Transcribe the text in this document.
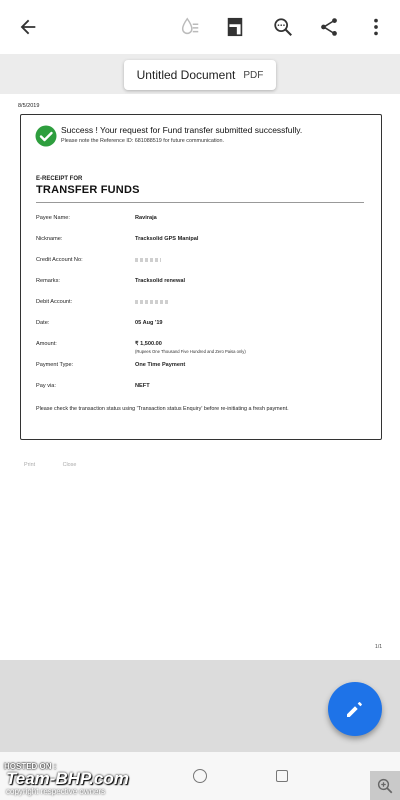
Untitled Document PDF
8/5/2019
Success ! Your request for Fund transfer submitted successfully.
Please note the Reference ID: 681088519 for future communication.
E-RECEIPT FOR
TRANSFER FUNDS
Payee Name:	Raviraja
Nickname:	Tracksolid GPS Manipal
Credit Account No:
Remarks:	Tracksolid renewal
Debit Account:
Date:	05 Aug '19
Amount:	₹ 1,500.00
(Rupees One Thousand Five Hundred and Zero Paisa only)
Payment Type:	One Time Payment
Pay via:	NEFT
Please check the transaction status using 'Transaction status Enquiry' before re-initiating a fresh payment.
Print	Close
1/1
HOSTED ON :
Team-BHP.com
copyright respective owners
